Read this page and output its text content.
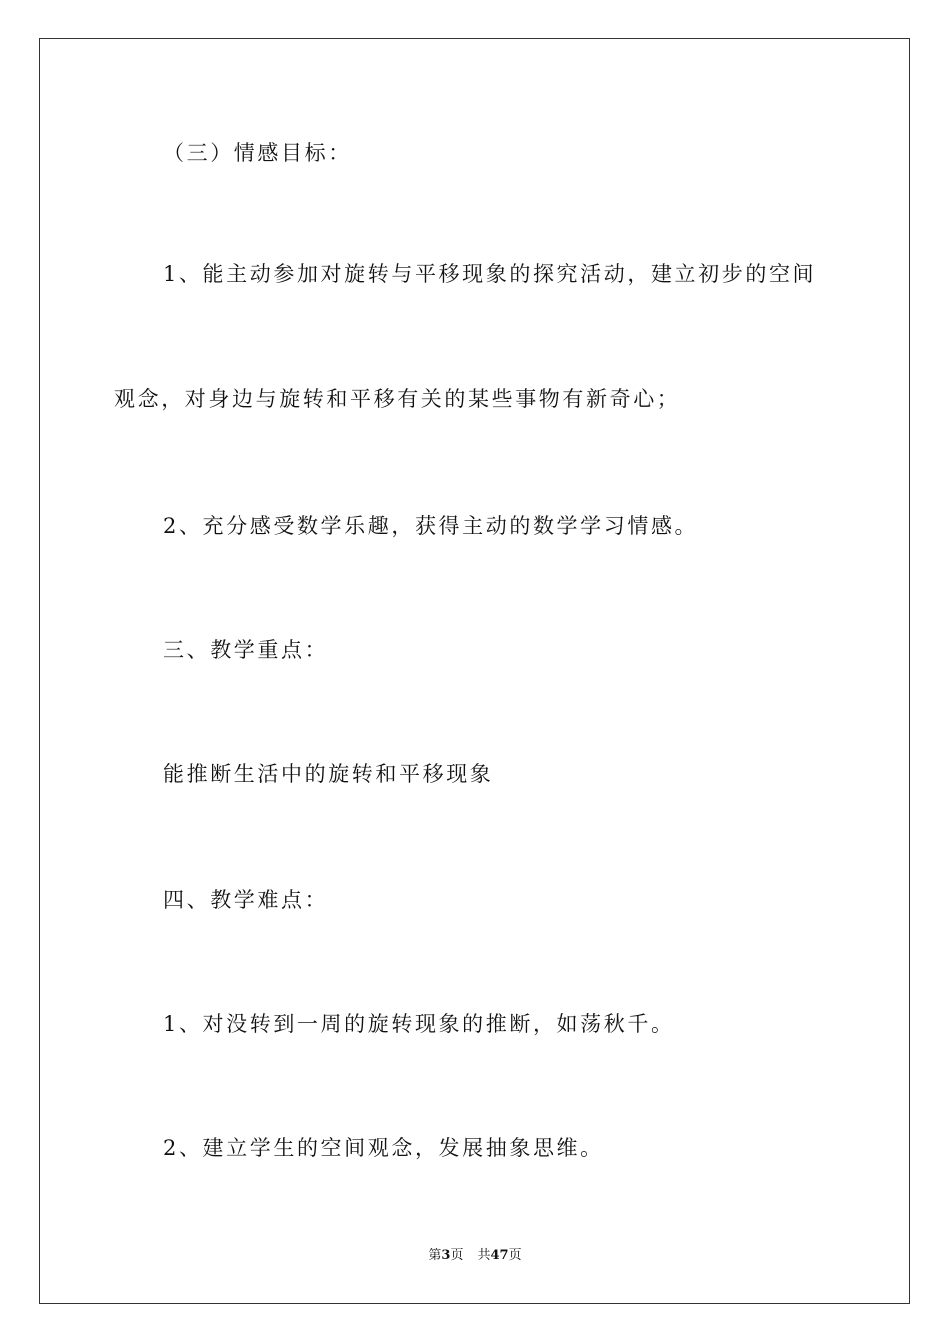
（三）情感目标：
1、能主动参加对旋转与平移现象的探究活动，建立初步的空间
观念，对身边与旋转和平移有关的某些事物有新奇心；
2、充分感受数学乐趣，获得主动的数学学习情感。
三、教学重点：
能推断生活中的旋转和平移现象
四、教学难点：
1、对没转到一周的旋转现象的推断，如荡秋千。
2、建立学生的空间观念，发展抽象思维。
第3页 共47页
